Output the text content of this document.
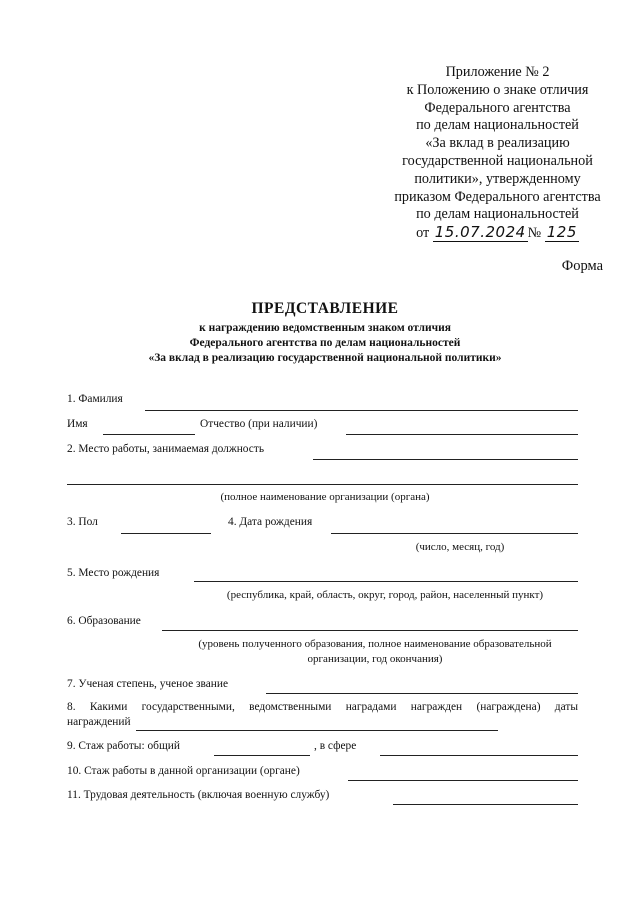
Приложение № 2
к Положению о знаке отличия
Федерального агентства
по делам национальностей
«За вклад в реализацию
государственной национальной
политики», утвержденному
приказом Федерального агентства
по делам национальностей
от 15.07.2024 № 125
Форма
ПРЕДСТАВЛЕНИЕ
к награждению ведомственным знаком отличия
Федерального агентства по делам национальностей
«За вклад в реализацию государственной национальной политики»
1. Фамилия
Имя	Отчество (при наличии)
2. Место работы, занимаемая должность
(полное наименование организации (органа)
3. Пол	4. Дата рождения
(число, месяц, год)
5. Место рождения
(республика, край, область, округ, город, район, населенный пункт)
6. Образование
(уровень полученного образования, полное наименование образовательной
организации, год окончания)
7. Ученая степень, ученое звание
8. Какими государственными, ведомственными наградами награжден (награждена) даты
награждений
9. Стаж работы: общий	, в сфере
10. Стаж работы в данной организации (органе)
11. Трудовая деятельность (включая военную службу)
